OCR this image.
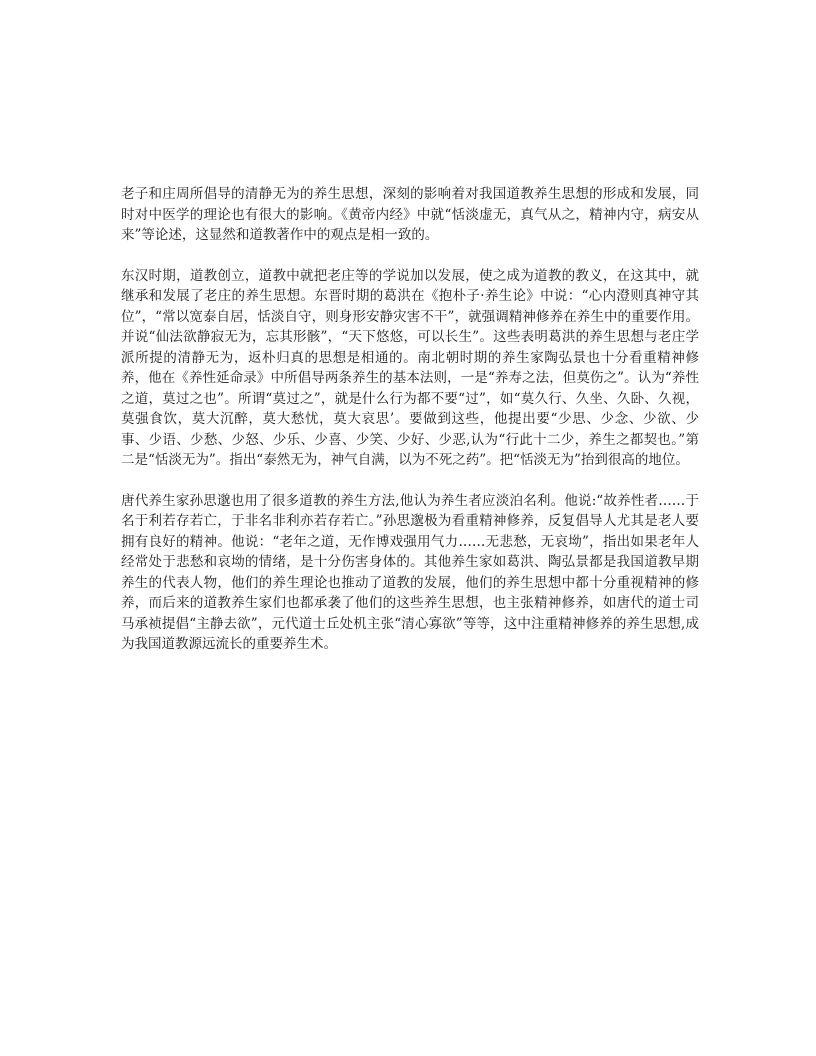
老子和庄周所倡导的清静无为的养生思想，深刻的影响着对我国道教养生思想的形成和发展，同时对中医学的理论也有很大的影响。《黄帝内经》中就“恬淡虚无，真气从之，精神内守，病安从来”等论述，这显然和道教著作中的观点是相一致的。

东汉时期，道教创立，道教中就把老庄等的学说加以发展，使之成为道教的教义，在这其中，就继承和发展了老庄的养生思想。东晋时期的葛洪在《抱朴子·养生论》中说：“心内澄则真神守其位”，“常以宽泰自居，恬淡自守，则身形安静灾害不干”，就强调精神修养在养生中的重要作用。并说“仙法欲静寂无为，忘其形骸”，“天下悠悠，可以长生”。这些表明葛洪的养生思想与老庄学派所提的清静无为，返朴归真的思想是相通的。南北朝时期的养生家陶弘景也十分看重精神修养，他在《养性延命录》中所倡导两条养生的基本法则，一是“养寿之法，但莫伤之”。认为“养性之道，莫过之也”。所谓“莫过之”，就是什么行为都不要“过”，如“莫久行、久坐、久卧、久视，莫强食饮，莫大沉醉，莫大愁忧，莫大哀思’。要做到这些，他提出要“少思、少念、少欲、少事、少语、少愁、少怒、少乐、少喜、少笑、少好、少恶,认为“行此十二少，养生之都契也。”第二是“恬淡无为”。指出“泰然无为，神气自满，以为不死之药”。把“恬淡无为”抬到很高的地位。

唐代养生家孙思邈也用了很多道教的养生方法,他认为养生者应淡泊名利。他说:“故养性者……于名于利若存若亡，于非名非利亦若存若亡。”孙思邈极为看重精神修养，反复倡导人尤其是老人要拥有良好的精神。他说：“老年之道，无作博戏强用气力……无悲愁，无哀坳”，指出如果老年人经常处于悲愁和哀坳的情绪，是十分伤害身体的。其他养生家如葛洪、陶弘景都是我国道教早期养生的代表人物，他们的养生理论也推动了道教的发展，他们的养生思想中都十分重视精神的修养，而后来的道教养生家们也都承袭了他们的这些养生思想，也主张精神修养，如唐代的道士司马承祯提倡“主静去欲”，元代道士丘处机主张“清心寡欲”等等，这中注重精神修养的养生思想,成为我国道教源远流长的重要养生术。
